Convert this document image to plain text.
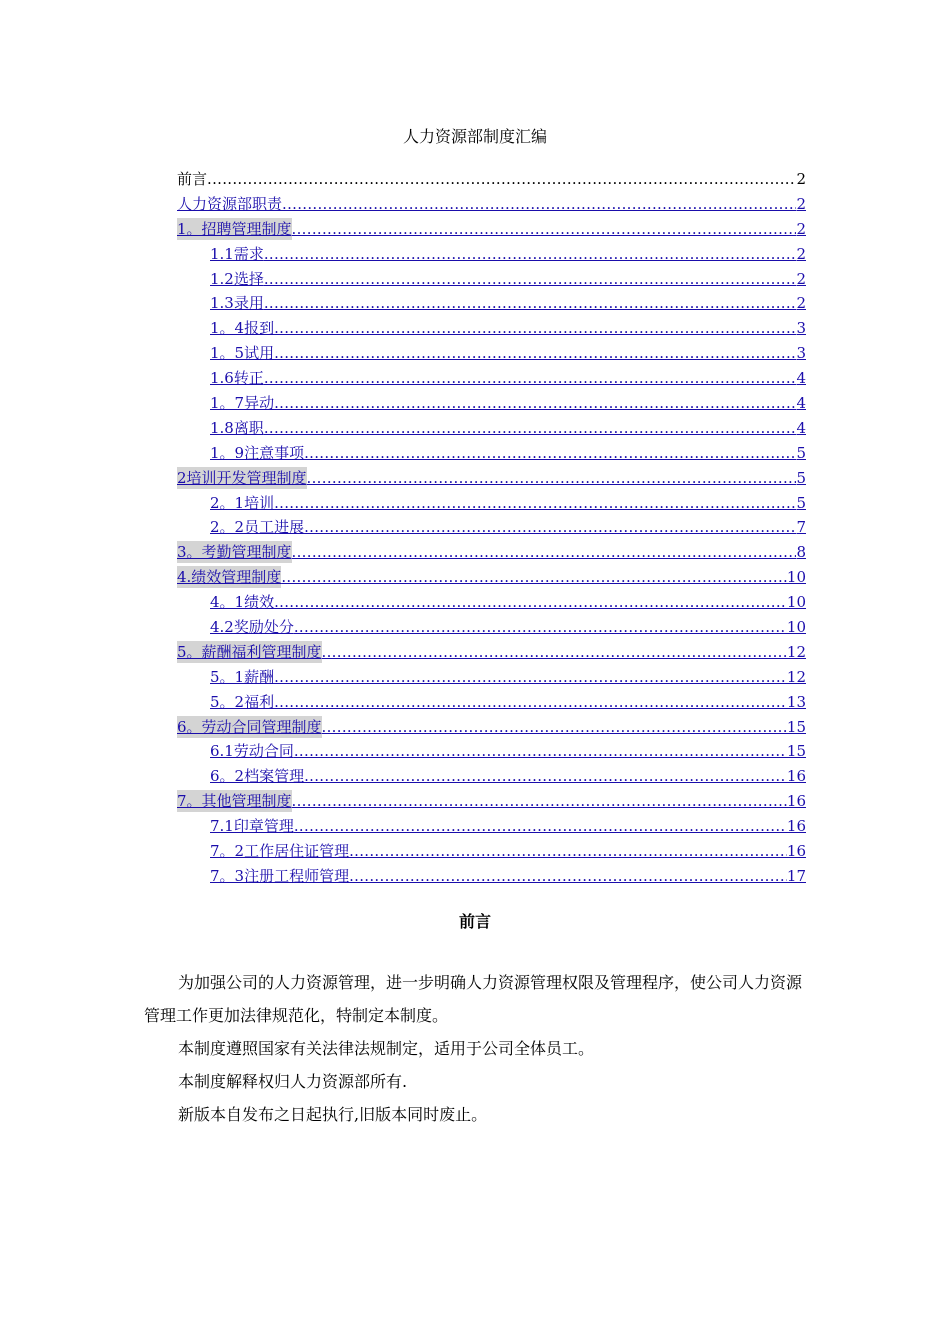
人力资源部制度汇编
前言 .....	2
人力资源部职责 .....	2
1。招聘管理制度 .....	2
1.1需求 .....	2
1.2选择 .....	2
1.3录用 .....	2
1。4报到 .....	3
1。5试用 .....	3
1.6转正 .....	4
1。7异动 .....	4
1.8离职 .....	4
1。9注意事项 .....	5
2培训开发管理制度 .....	5
2。1培训 .....	5
2。2员工进展 .....	7
3。考勤管理制度 .....	8
4.绩效管理制度 .....	10
4。1绩效 .....	10
4.2奖励处分 .....	10
5。薪酬福利管理制度 .....	12
5。1薪酬 .....	12
5。2福利 .....	13
6。劳动合同管理制度 .....	15
6.1劳动合同 .....	15
6。2档案管理 .....	16
7。其他管理制度 .....	16
7.1印章管理 .....	16
7。2工作居住证管理 .....	16
7。3注册工程师管理 .....	17
前言

为加强公司的人力资源管理，进一步明确人力资源管理权限及管理程序，使公司人力资源管理工作更加法律规范化，特制定本制度。

本制度遵照国家有关法律法规制定，适用于公司全体员工。

本制度解释权归人力资源部所有.

新版本自发布之日起执行,旧版本同时废止。
